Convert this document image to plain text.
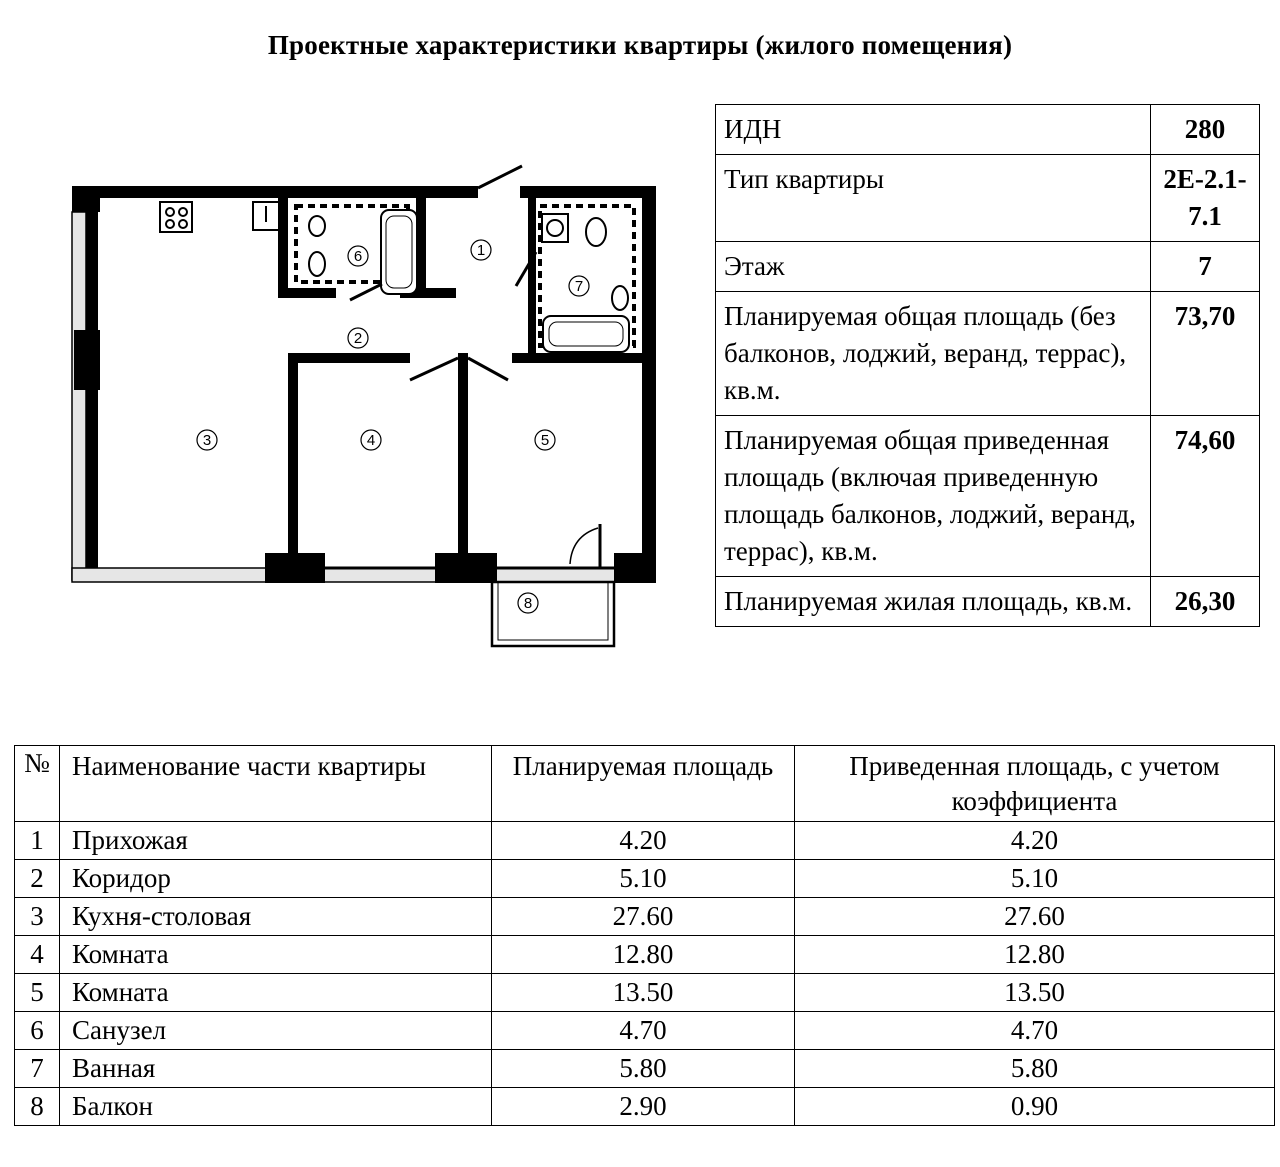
Проектные характеристики квартиры (жилого помещения)
1
2
3	4	5
6
7
8
ИДН	280
Тип квартиры	2Е-2.1-7.1
Этаж	7
Планируемая общая площадь (без балконов, лоджий, веранд, террас), кв.м.	73,70
Планируемая общая приведенная площадь (включая приведенную площадь балконов, лоджий, веранд, террас), кв.м.	74,60
Планируемая жилая площадь, кв.м.	26,30
№	Наименование части квартиры	Планируемая площадь	Приведенная площадь, с учетом коэффициента
1	Прихожая	4.20	4.20
2	Коридор	5.10	5.10
3	Кухня-столовая	27.60	27.60
4	Комната	12.80	12.80
5	Комната	13.50	13.50
6	Санузел	4.70	4.70
7	Ванная	5.80	5.80
8	Балкон	2.90	0.90
